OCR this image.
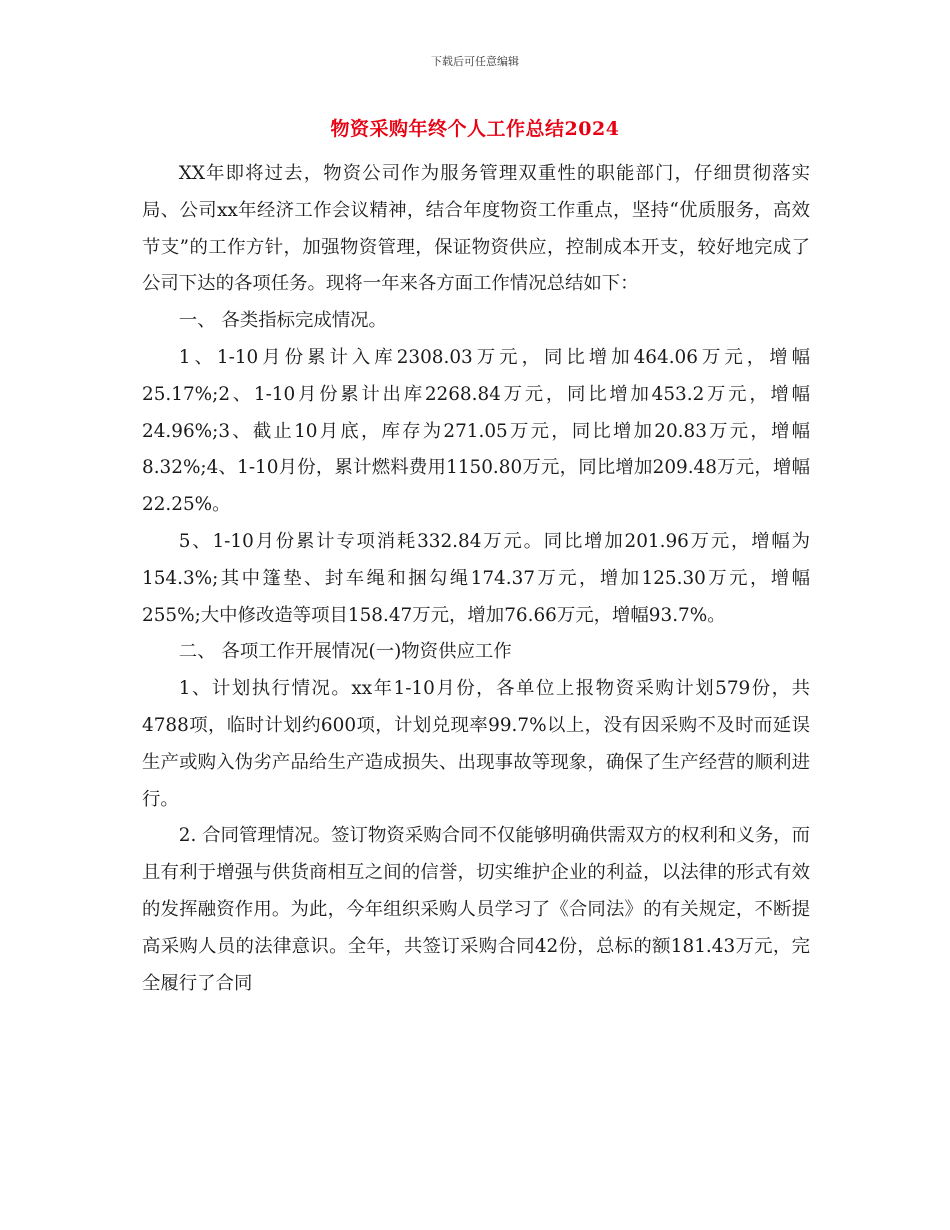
下载后可任意编辑
物资采购年终个人工作总结2024

XX年即将过去，物资公司作为服务管理双重性的职能部门，仔细贯彻落实局、公司xx年经济工作会议精神，结合年度物资工作重点，坚持“优质服务，高效节支”的工作方针，加强物资管理，保证物资供应，控制成本开支，较好地完成了公司下达的各项任务。现将一年来各方面工作情况总结如下：

一、 各类指标完成情况。

1、1-10月份累计入库2308.03万元，同比增加464.06万元，增幅25.17%;2、1-10月份累计出库2268.84万元，同比增加453.2万元，增幅24.96%;3、截止10月底，库存为271.05万元，同比增加20.83万元，增幅8.32%;4、1-10月份，累计燃料费用1150.80万元，同比增加209.48万元，增幅22.25%。

5、1-10月份累计专项消耗332.84万元。同比增加201.96万元，增幅为154.3%;其中篷垫、封车绳和捆勾绳174.37万元，增加125.30万元，增幅255%;大中修改造等项目158.47万元，增加76.66万元，增幅93.7%。

二、 各项工作开展情况(一)物资供应工作

1、计划执行情况。xx年1-10月份，各单位上报物资采购计划579份，共4788项，临时计划约600项，计划兑现率99.7%以上，没有因采购不及时而延误生产或购入伪劣产品给生产造成损失、出现事故等现象，确保了生产经营的顺利进行。

2. 合同管理情况。签订物资采购合同不仅能够明确供需双方的权利和义务，而且有利于增强与供货商相互之间的信誉，切实维护企业的利益，以法律的形式有效的发挥融资作用。为此，今年组织采购人员学习了《合同法》的有关规定，不断提高采购人员的法律意识。全年，共签订采购合同42份，总标的额181.43万元，完全履行了合同
